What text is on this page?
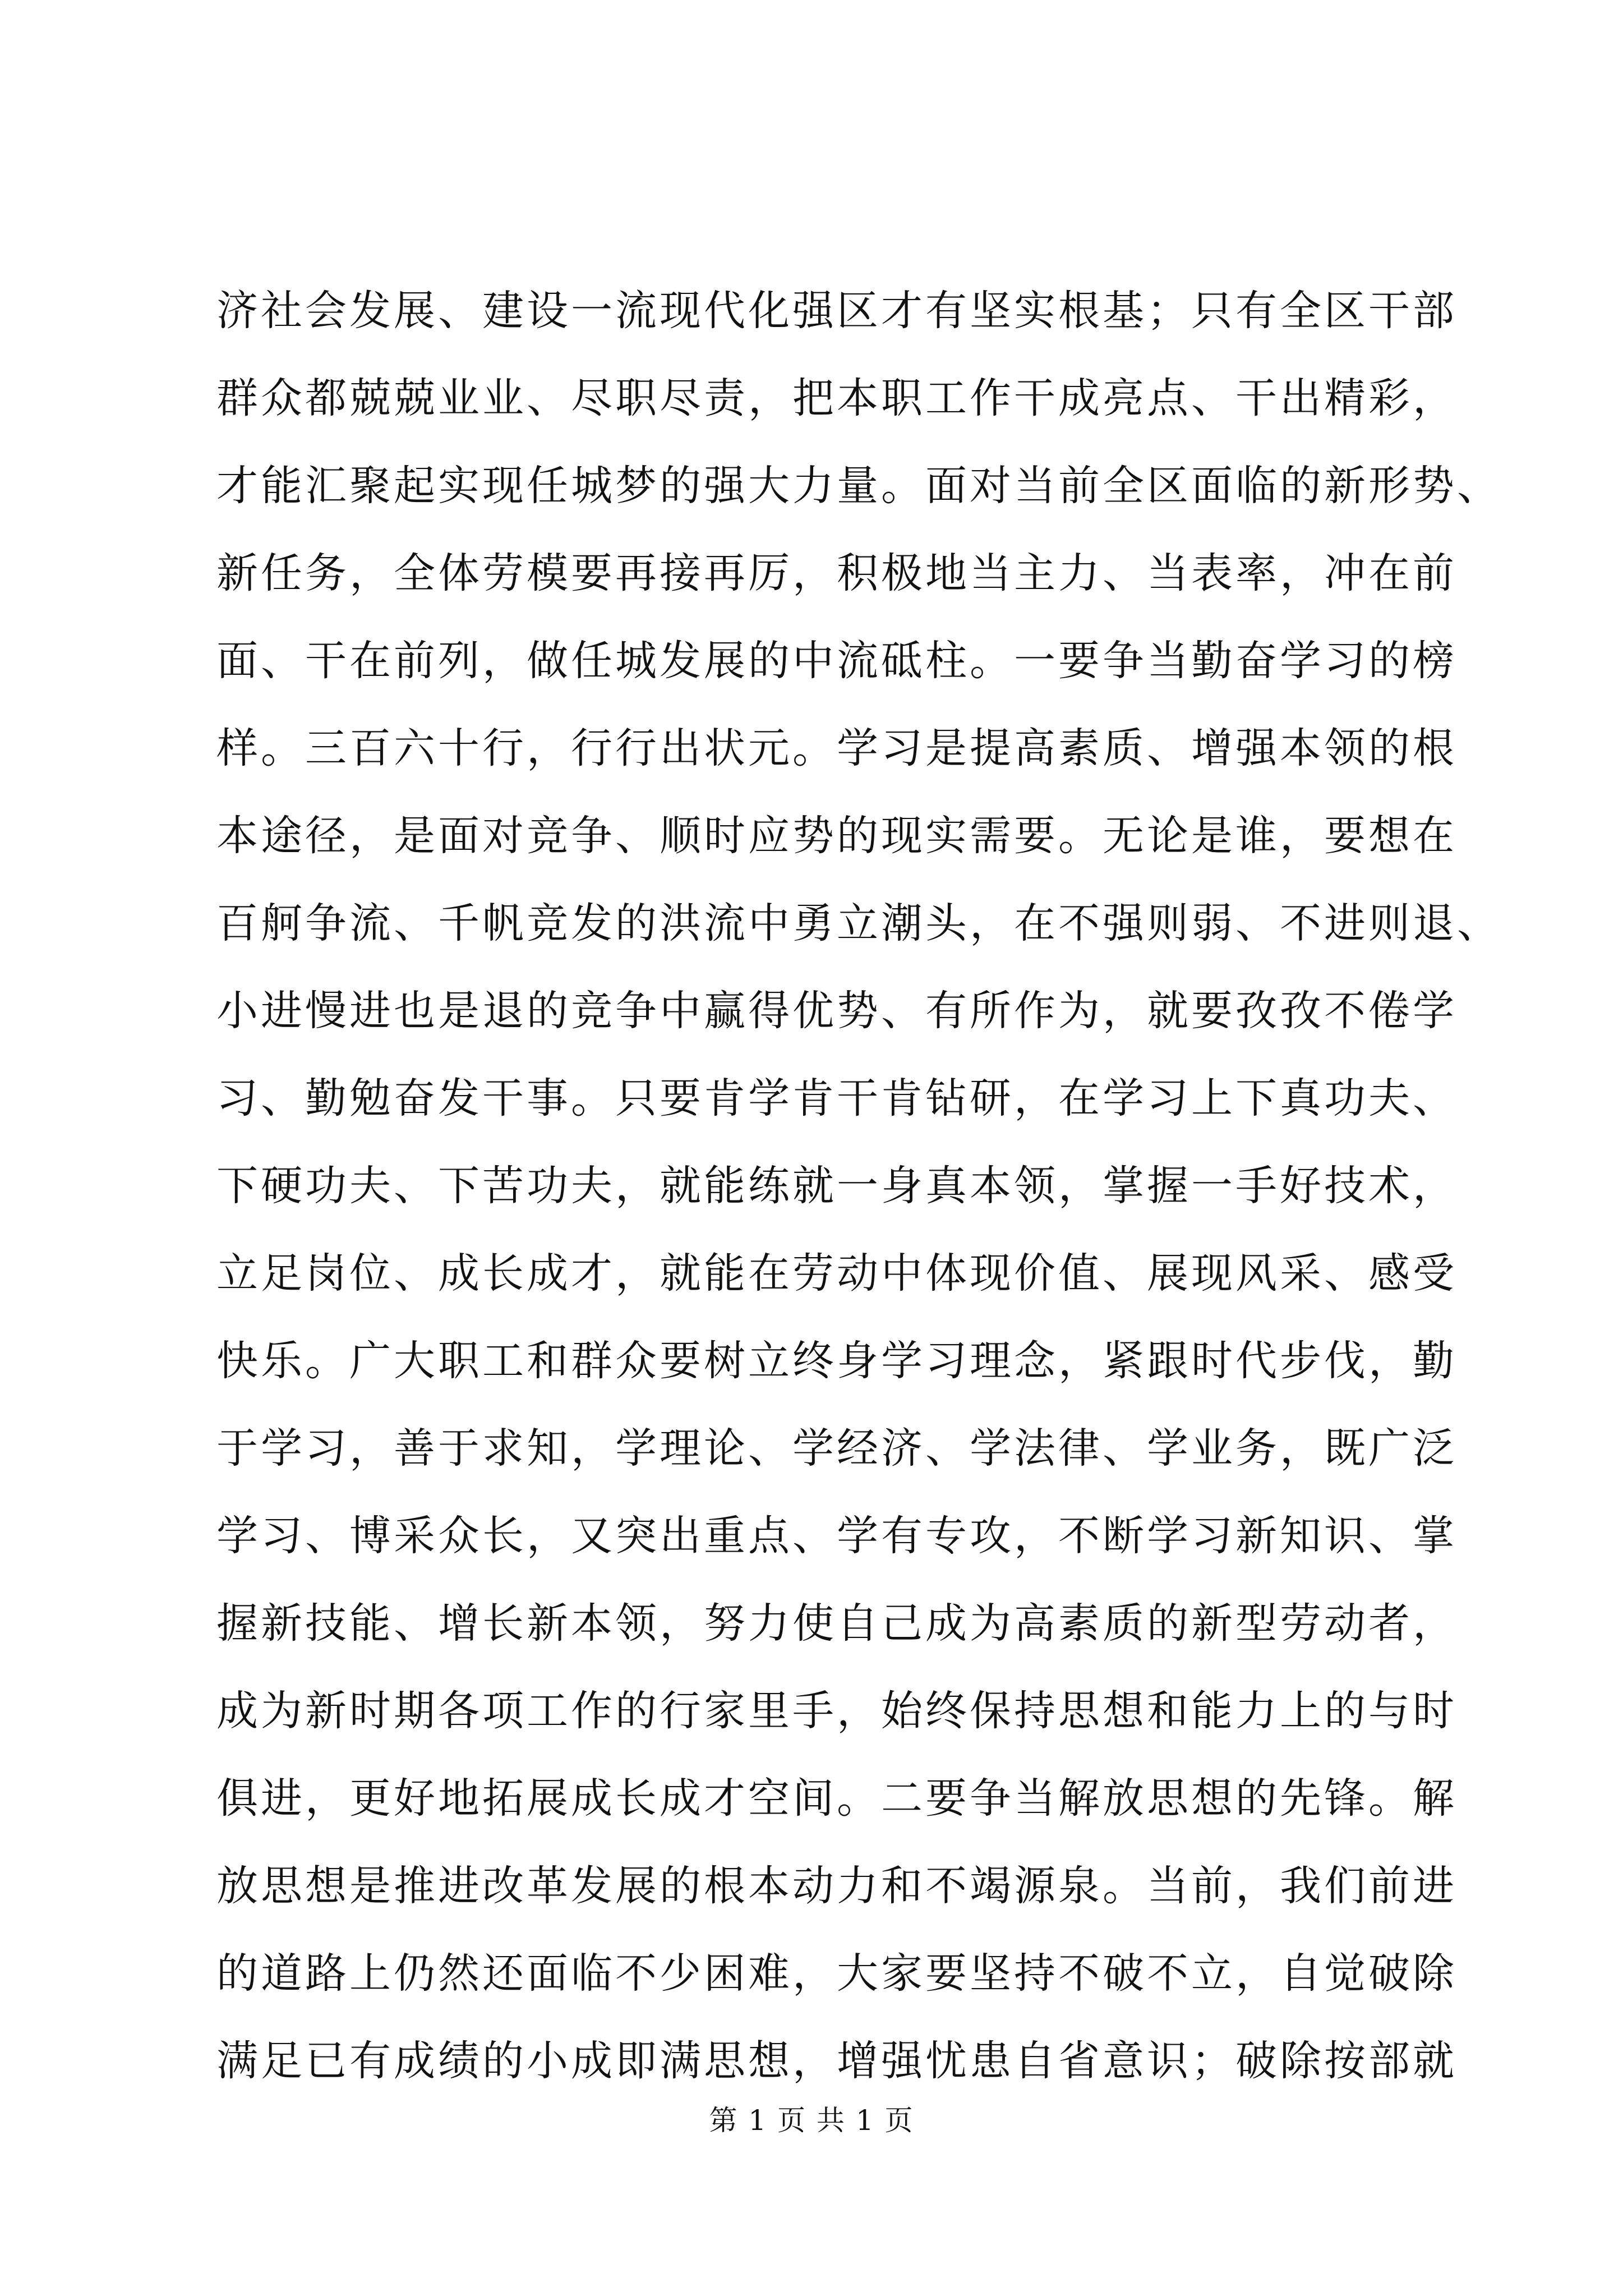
济社会发展、建设一流现代化强区才有坚实根基；只有全区干部
群众都兢兢业业、尽职尽责，把本职工作干成亮点、干出精彩，
才能汇聚起实现任城梦的强大力量。面对当前全区面临的新形势、
新任务，全体劳模要再接再厉，积极地当主力、当表率，冲在前
面、干在前列，做任城发展的中流砥柱。一要争当勤奋学习的榜
样。三百六十行，行行出状元。学习是提高素质、增强本领的根
本途径，是面对竞争、顺时应势的现实需要。无论是谁，要想在
百舸争流、千帆竞发的洪流中勇立潮头，在不强则弱、不进则退、
小进慢进也是退的竞争中赢得优势、有所作为，就要孜孜不倦学
习、勤勉奋发干事。只要肯学肯干肯钻研，在学习上下真功夫、
下硬功夫、下苦功夫，就能练就一身真本领，掌握一手好技术，
立足岗位、成长成才，就能在劳动中体现价值、展现风采、感受
快乐。广大职工和群众要树立终身学习理念，紧跟时代步伐，勤
于学习，善于求知，学理论、学经济、学法律、学业务，既广泛
学习、博采众长，又突出重点、学有专攻，不断学习新知识、掌
握新技能、增长新本领，努力使自己成为高素质的新型劳动者，
成为新时期各项工作的行家里手，始终保持思想和能力上的与时
俱进，更好地拓展成长成才空间。二要争当解放思想的先锋。解
放思想是推进改革发展的根本动力和不竭源泉。当前，我们前进
的道路上仍然还面临不少困难，大家要坚持不破不立，自觉破除
满足已有成绩的小成即满思想，增强忧患自省意识；破除按部就
第 1 页 共 1 页
